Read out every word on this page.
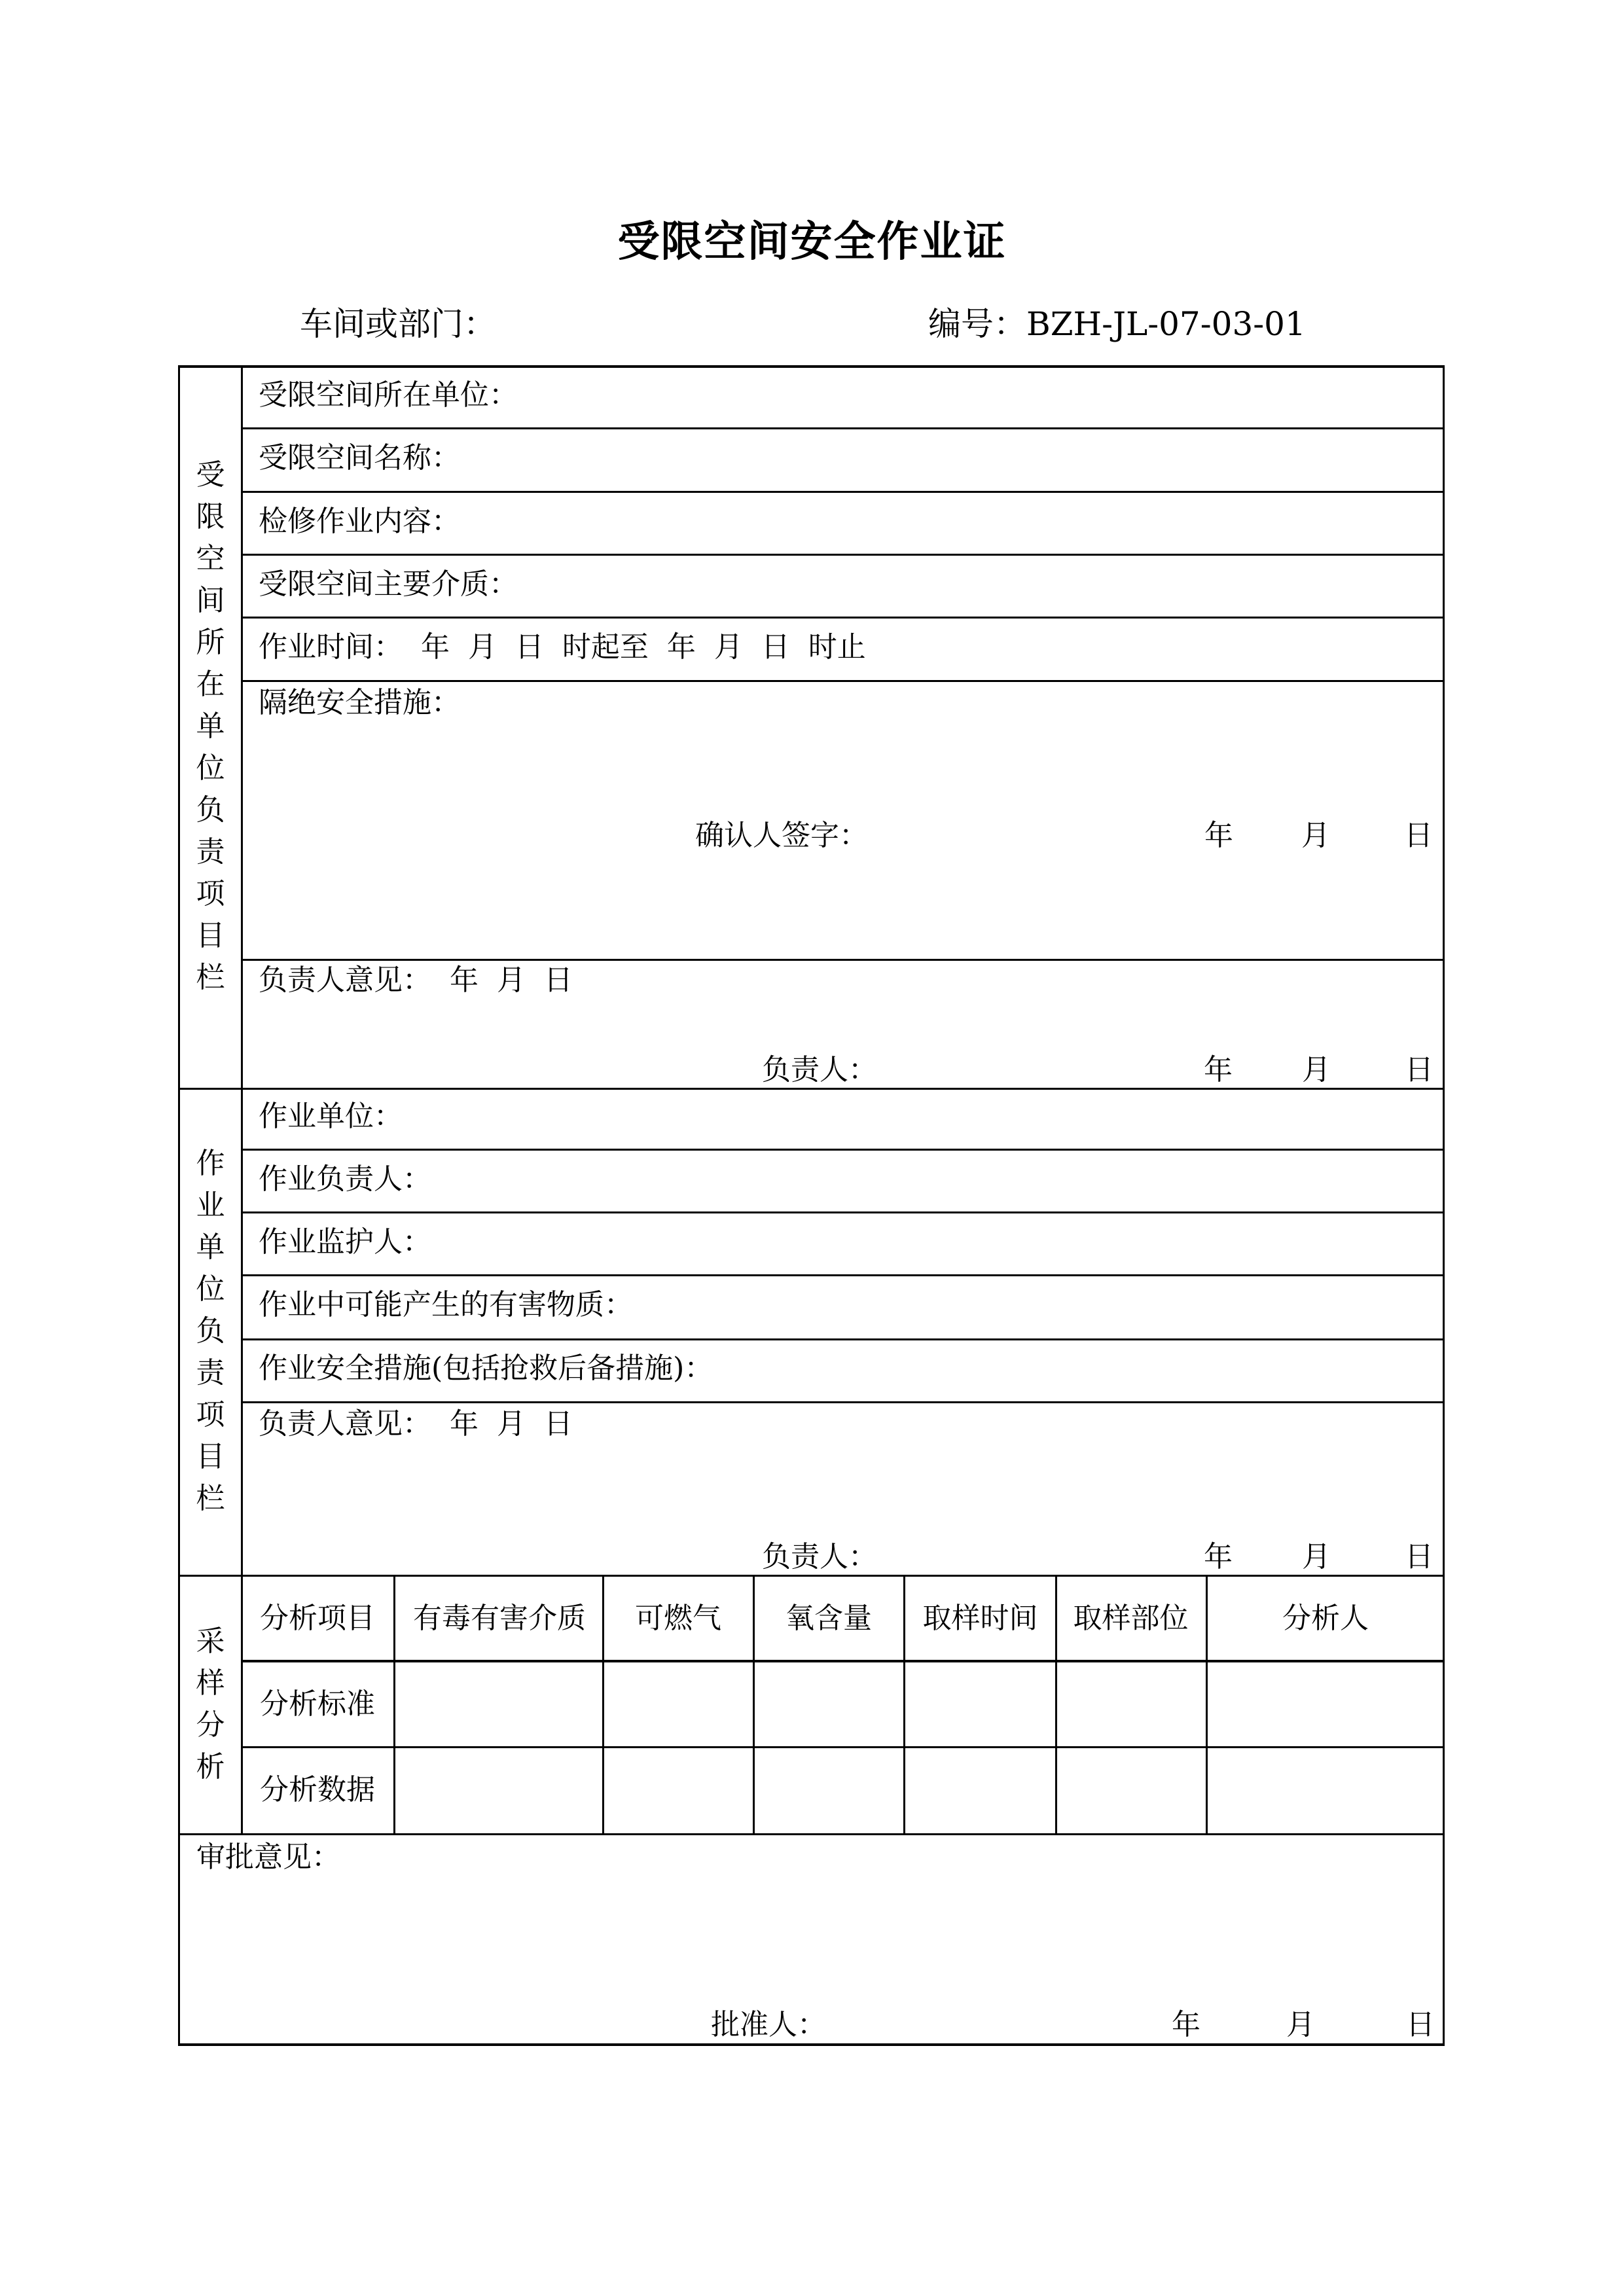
受限空间安全作业证
车间或部门：	编号：BZH-JL-07-03-01
受限空间所在单位负责项目栏
受限空间所在单位：
受限空间名称：
检修作业内容：
受限空间主要介质：
作业时间：  年  月  日  时起至  年  月  日  时止
隔绝安全措施：
确认人签字：	年 月	日
负责人意见：  年  月  日
负责人：	年 月	日
作业单位负责项目栏
作业单位：
作业负责人：
作业监护人：
作业中可能产生的有害物质：
作业安全措施(包括抢救后备措施)：
负责人意见：  年  月  日
负责人：	年 月	日
采样分析
分析项目	有毒有害介质	可燃气	氧含量	取样时间	取样部位	分析人
分析标准
分析数据
审批意见：
批准人：	年	月	日
